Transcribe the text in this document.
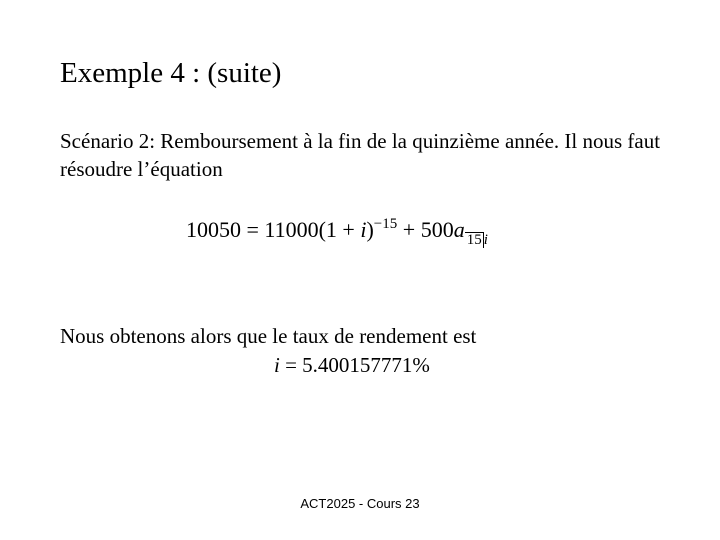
Exemple 4 : (suite)

Scénario 2: Remboursement à la fin de la quinzième année. Il nous faut résoudre l’équation

$10050 = 11000(1 + i)^{-15} + 500a$ 15 i
Nous obtenons alors que le taux de rendement est
i = 5.400157771%
ACT2025 - Cours 23
